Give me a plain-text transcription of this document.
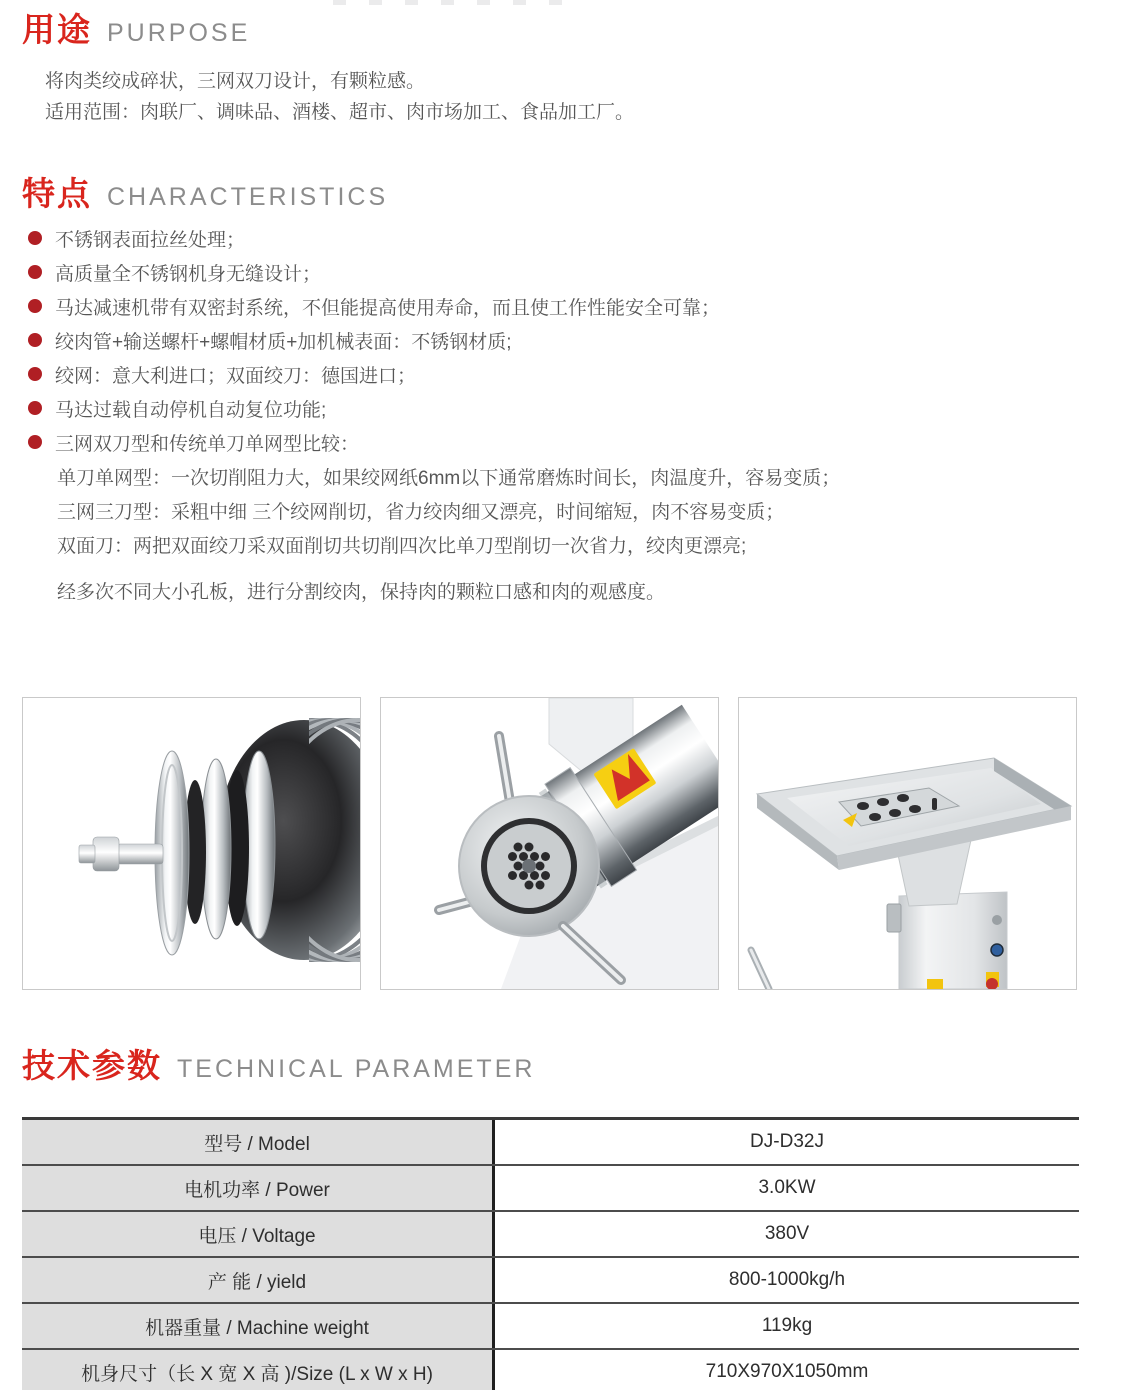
用途 PURPOSE

将肉类绞成碎状，三网双刀设计，有颗粒感。

适用范围：肉联厂、调味品、酒楼、超市、肉市场加工、食品加工厂。

特点 CHARACTERISTICS
不锈钢表面拉丝处理；
高质量全不锈钢机身无缝设计；
马达减速机带有双密封系统，不但能提高使用寿命，而且使工作性能安全可靠；
绞肉管+输送螺杆+螺帽材质+加机械表面：不锈钢材质;
绞网：意大利进口；双面绞刀：德国进口；
马达过载自动停机自动复位功能;
三网双刀型和传统单刀单网型比较：

单刀单网型：一次切削阻力大，如果绞网纸6mm以下通常磨炼时间长，肉温度升，容易变质；

三网三刀型：采粗中细 三个绞网削切，省力绞肉细又漂亮，时间缩短，肉不容易变质；

双面刀：两把双面绞刀采双面削切共切削四次比单刀型削切一次省力，绞肉更漂亮;

经多次不同大小孔板，进行分割绞肉，保持肉的颗粒口感和肉的观感度。

技术参数 TECHNICAL PARAMETER
型号 / Model	DJ-D32J
电机功率 / Power	3.0KW
电压 / Voltage	380V
产 能 / yield	800-1000kg/h
机器重量 / Machine weight	119kg
机身尺寸（长 X 宽 X 高 )/Size (L x W x H)	710X970X1050mm
